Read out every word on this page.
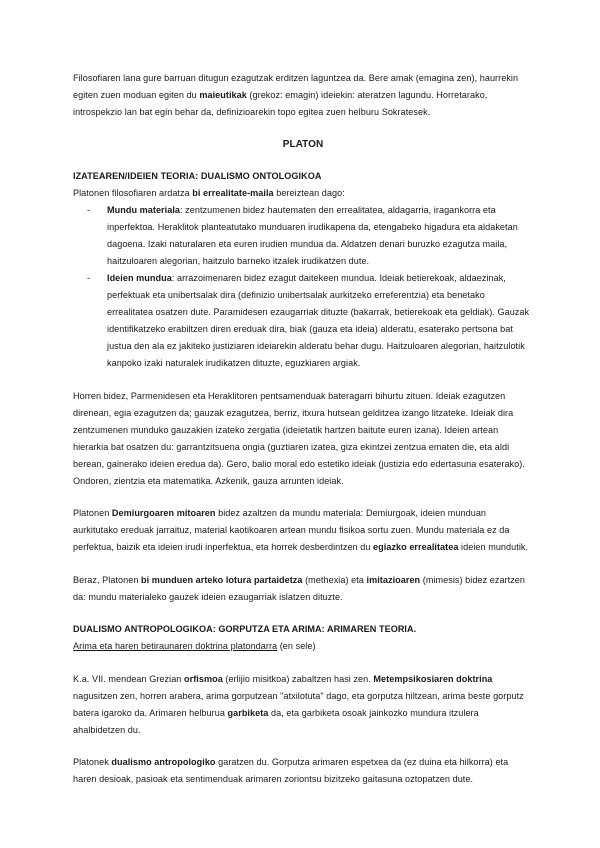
Filosofiaren lana gure barruan ditugun ezagutzak erditzen laguntzea da. Bere amak (emagina zen), haurrekin egiten zuen moduan egiten du maieutikak (grekoz: emagin) ideiekin: ateratzen lagundu. Horretarako, introspekzio lan bat egin behar da, definizioarekin topo egitea zuen helburu Sokratesek.

PLATON

IZATEAREN/IDEIEN TEORIA: DUALISMO ONTOLOGIKOA

Platonen filosofiaren ardatza bi errealitate-maila bereiztean dago:

- Mundu materiala: zentzumenen bidez hautematen den errealitatea, aldagarria, iragankorra eta inperfektoa. Heraklitok planteatutako munduaren irudikapena da, etengabeko higadura eta aldaketan dagoena. Izaki naturalaren eta euren irudien mundua da. Aldatzen denari buruzko ezagutza maila, haitzuloaren alegorian, haitzulo barneko itzalek irudikatzen dute.
- Ideien mundua: arrazoimenaren bidez ezagut daitekeen mundua. Ideiak betierekoak, aldaezinak, perfektuak eta unibertsalak dira (definizio unibertsalak aurkitzeko erreferentzia) eta benetako errealitatea osatzen dute. Paramidesen ezaugarriak dituzte (bakarrak, betierekoak eta geldiak). Gauzak identifikatzeko erabiltzen diren ereduak dira, biak (gauza eta ideia) alderatu, esaterako pertsona bat justua den ala ez jakiteko justiziaren ideiarekin alderatu behar dugu. Haitzuloaren alegorian, haitzulotik kanpoko izaki naturalek irudikatzen dituzte, eguzkiaren argiak.

Horren bidez, Parmenidesen eta Heraklitoren pentsamenduak bateragarri bihurtu zituen. Ideiak ezagutzen direnean, egia ezagutzen da; gauzak ezagutzea, berriz, itxura hutsean gelditzea izango litzateke. Ideiak dira zentzumenen munduko gauzakien izateko zergatia (ideietatik hartzen baitute euren izana). Ideien artean hierarkia bat osatzen du: garrantzitsuena ongia (guztiaren izatea, giza ekintzei zentzua ematen die, eta aldi berean, gainerako ideien eredua da). Gero, balio moral edo estetiko ideiak (justizia edo edertasuna esaterako). Ondoren, zientzia eta matematika. Azkenik, gauza arrunten ideiak.

Platonen Demiurgoaren mitoaren bidez azaltzen da mundu materiala: Demiurgoak, ideien munduan aurkitutako ereduak jarraituz, material kaotikoaren artean mundu fisikoa sortu zuen. Mundu materiala ez da perfektua, baizik eta ideien irudi inperfektua, eta horrek desberdintzen du egiazko errealitatea ideien mundutik.

Beraz, Platonen bi munduen arteko lotura partaidetza (methexia) eta imitazioaren (mimesis) bidez ezartzen da: mundu materialeko gauzek ideien ezaugarriak islatzen dituzte.

DUALISMO ANTROPOLOGIKOA: GORPUTZA ETA ARIMA: ARIMAREN TEORIA.

Arima eta haren betiraunaren doktrina platondarra (en sele)

K.a. VII. mendean Grezian orfismoa (erlijio misitkoa) zabaltzen hasi zen. Metempsikosiaren doktrina nagusitzen zen, horren arabera, arima gorputzean "atxilotuta" dago, eta gorputza hiltzean, arima beste gorputz batera igaroko da. Arimaren helburua garbiketa da, eta garbiketa osoak jainkozko mundura itzulera ahalbidetzen du.

Platonek dualismo antropologiko garatzen du. Gorputza arimaren espetxea da (ez duina eta hilkorra) eta haren desioak, pasioak eta sentimenduak arimaren zoriontsu bizitzeko gaitasuna oztopatzen dute.
